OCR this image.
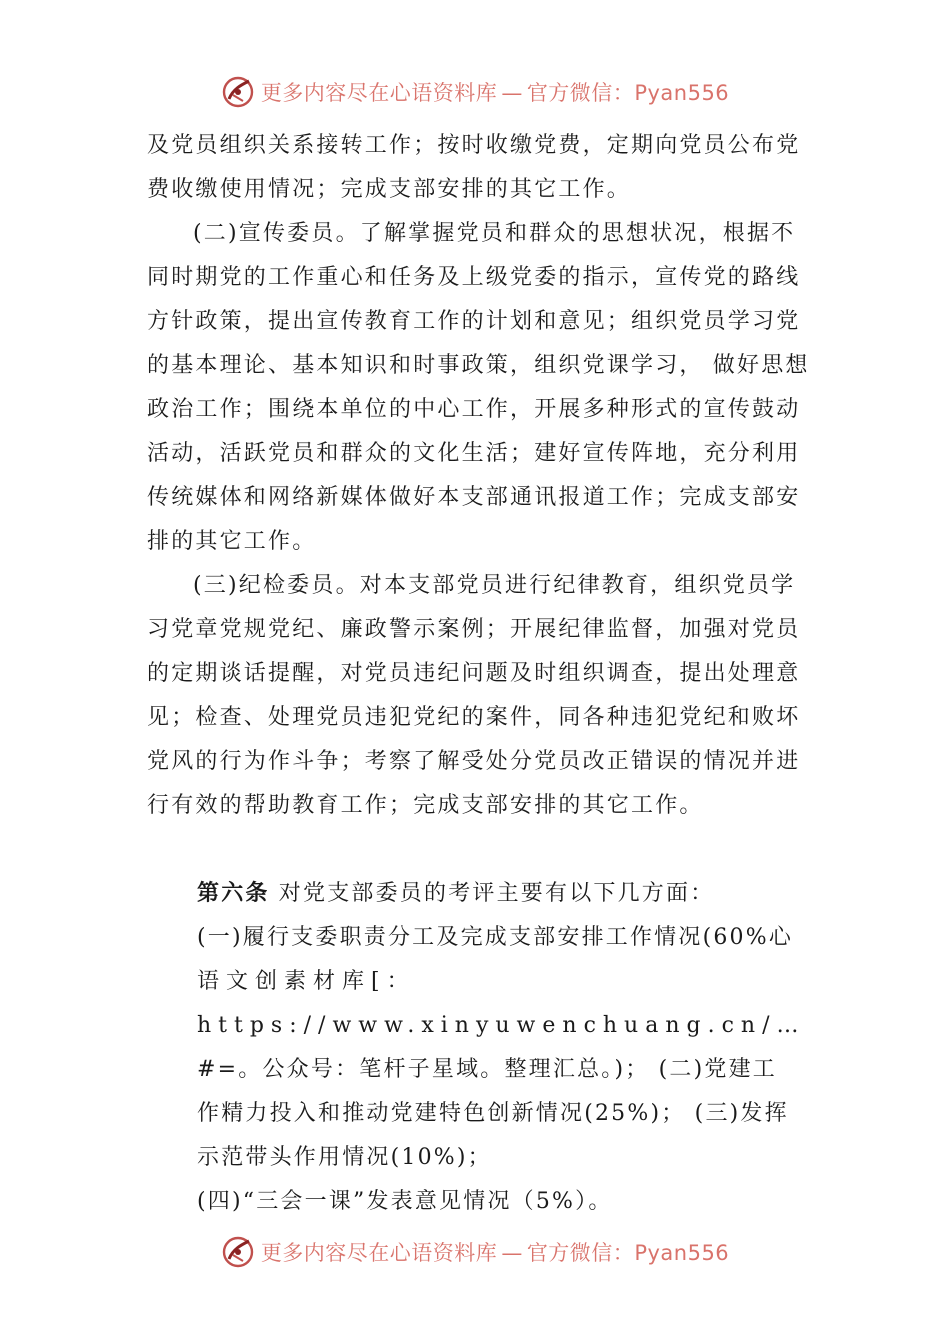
更多内容尽在心语资料库 — 官方微信：Pyan556

及党员组织关系接转工作；按时收缴党费，定期向党员公布党费收缴使用情况；完成支部安排的其它工作。

(二)宣传委员。了解掌握党员和群众的思想状况，根据不同时期党的工作重心和任务及上级党委的指示，宣传党的路线方针政策，提出宣传教育工作的计划和意见；组织党员学习党的基本理论、基本知识和时事政策，组织党课学习， 做好思想政治工作；围绕本单位的中心工作，开展多种形式的宣传鼓动活动，活跃党员和群众的文化生活；建好宣传阵地，充分利用传统媒体和网络新媒体做好本支部通讯报道工作；完成支部安排的其它工作。

(三)纪检委员。对本支部党员进行纪律教育，组织党员学习党章党规党纪、廉政警示案例；开展纪律监督，加强对党员的定期谈话提醒，对党员违纪问题及时组织调查，提出处理意见；检查、处理党员违犯党纪的案件，同各种违犯党纪和败坏党风的行为作斗争；考察了解受处分党员改正错误的情况并进行有效的帮助教育工作；完成支部安排的其它工作。

第六条 对党支部委员的考评主要有以下几方面：

(一)履行支委职责分工及完成支部安排工作情况(60%心

语文创素材库[：https://www.xinyuwenchuang.cn/…

#=。公众号：笔杆子星域。整理汇总。)； (二)党建工

作精力投入和推动党建特色创新情况(25%)； (三)发挥

示范带头作用情况(10%)；

(四)“三会一课”发表意见情况（5%）。

更多内容尽在心语资料库 — 官方微信：Pyan556
